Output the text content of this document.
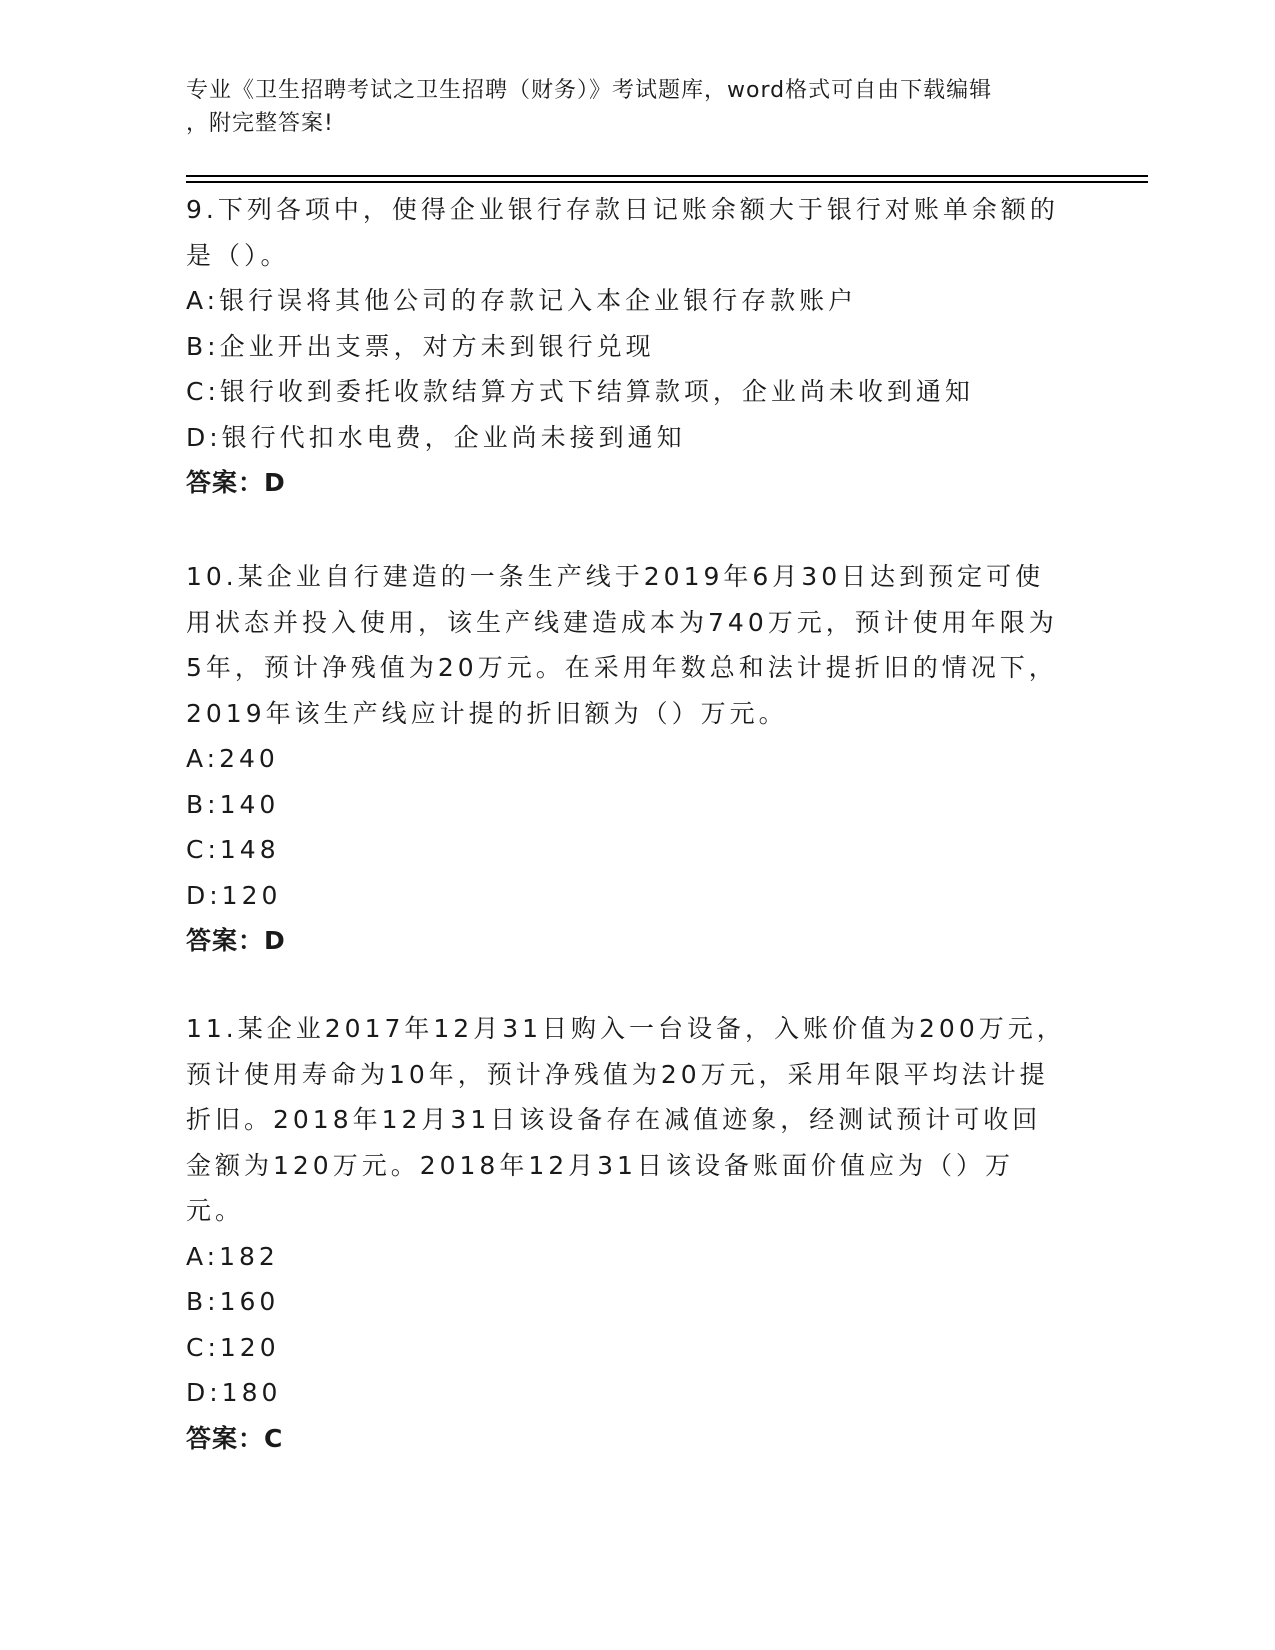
专业《卫生招聘考试之卫生招聘（财务）》考试题库，word格式可自由下载编辑

，附完整答案!

9.下列各项中，使得企业银行存款日记账余额大于银行对账单余额的是（）。

A:银行误将其他公司的存款记入本企业银行存款账户

B:企业开出支票，对方未到银行兑现

C:银行收到委托收款结算方式下结算款项，企业尚未收到通知

D:银行代扣水电费，企业尚未接到通知

答案：D

10.某企业自行建造的一条生产线于2019年6月30日达到预定可使用状态并投入使用，该生产线建造成本为740万元，预计使用年限为5年，预计净残值为20万元。在采用年数总和法计提折旧的情况下，2019年该生产线应计提的折旧额为（）万元。

A:240

B:140

C:148

D:120

答案：D

11.某企业2017年12月31日购入一台设备，入账价值为200万元，预计使用寿命为10年，预计净残值为20万元，采用年限平均法计提折旧。2018年12月31日该设备存在减值迹象，经测试预计可收回金额为120万元。2018年12月31日该设备账面价值应为（）万元。

A:182

B:160

C:120

D:180

答案：C
